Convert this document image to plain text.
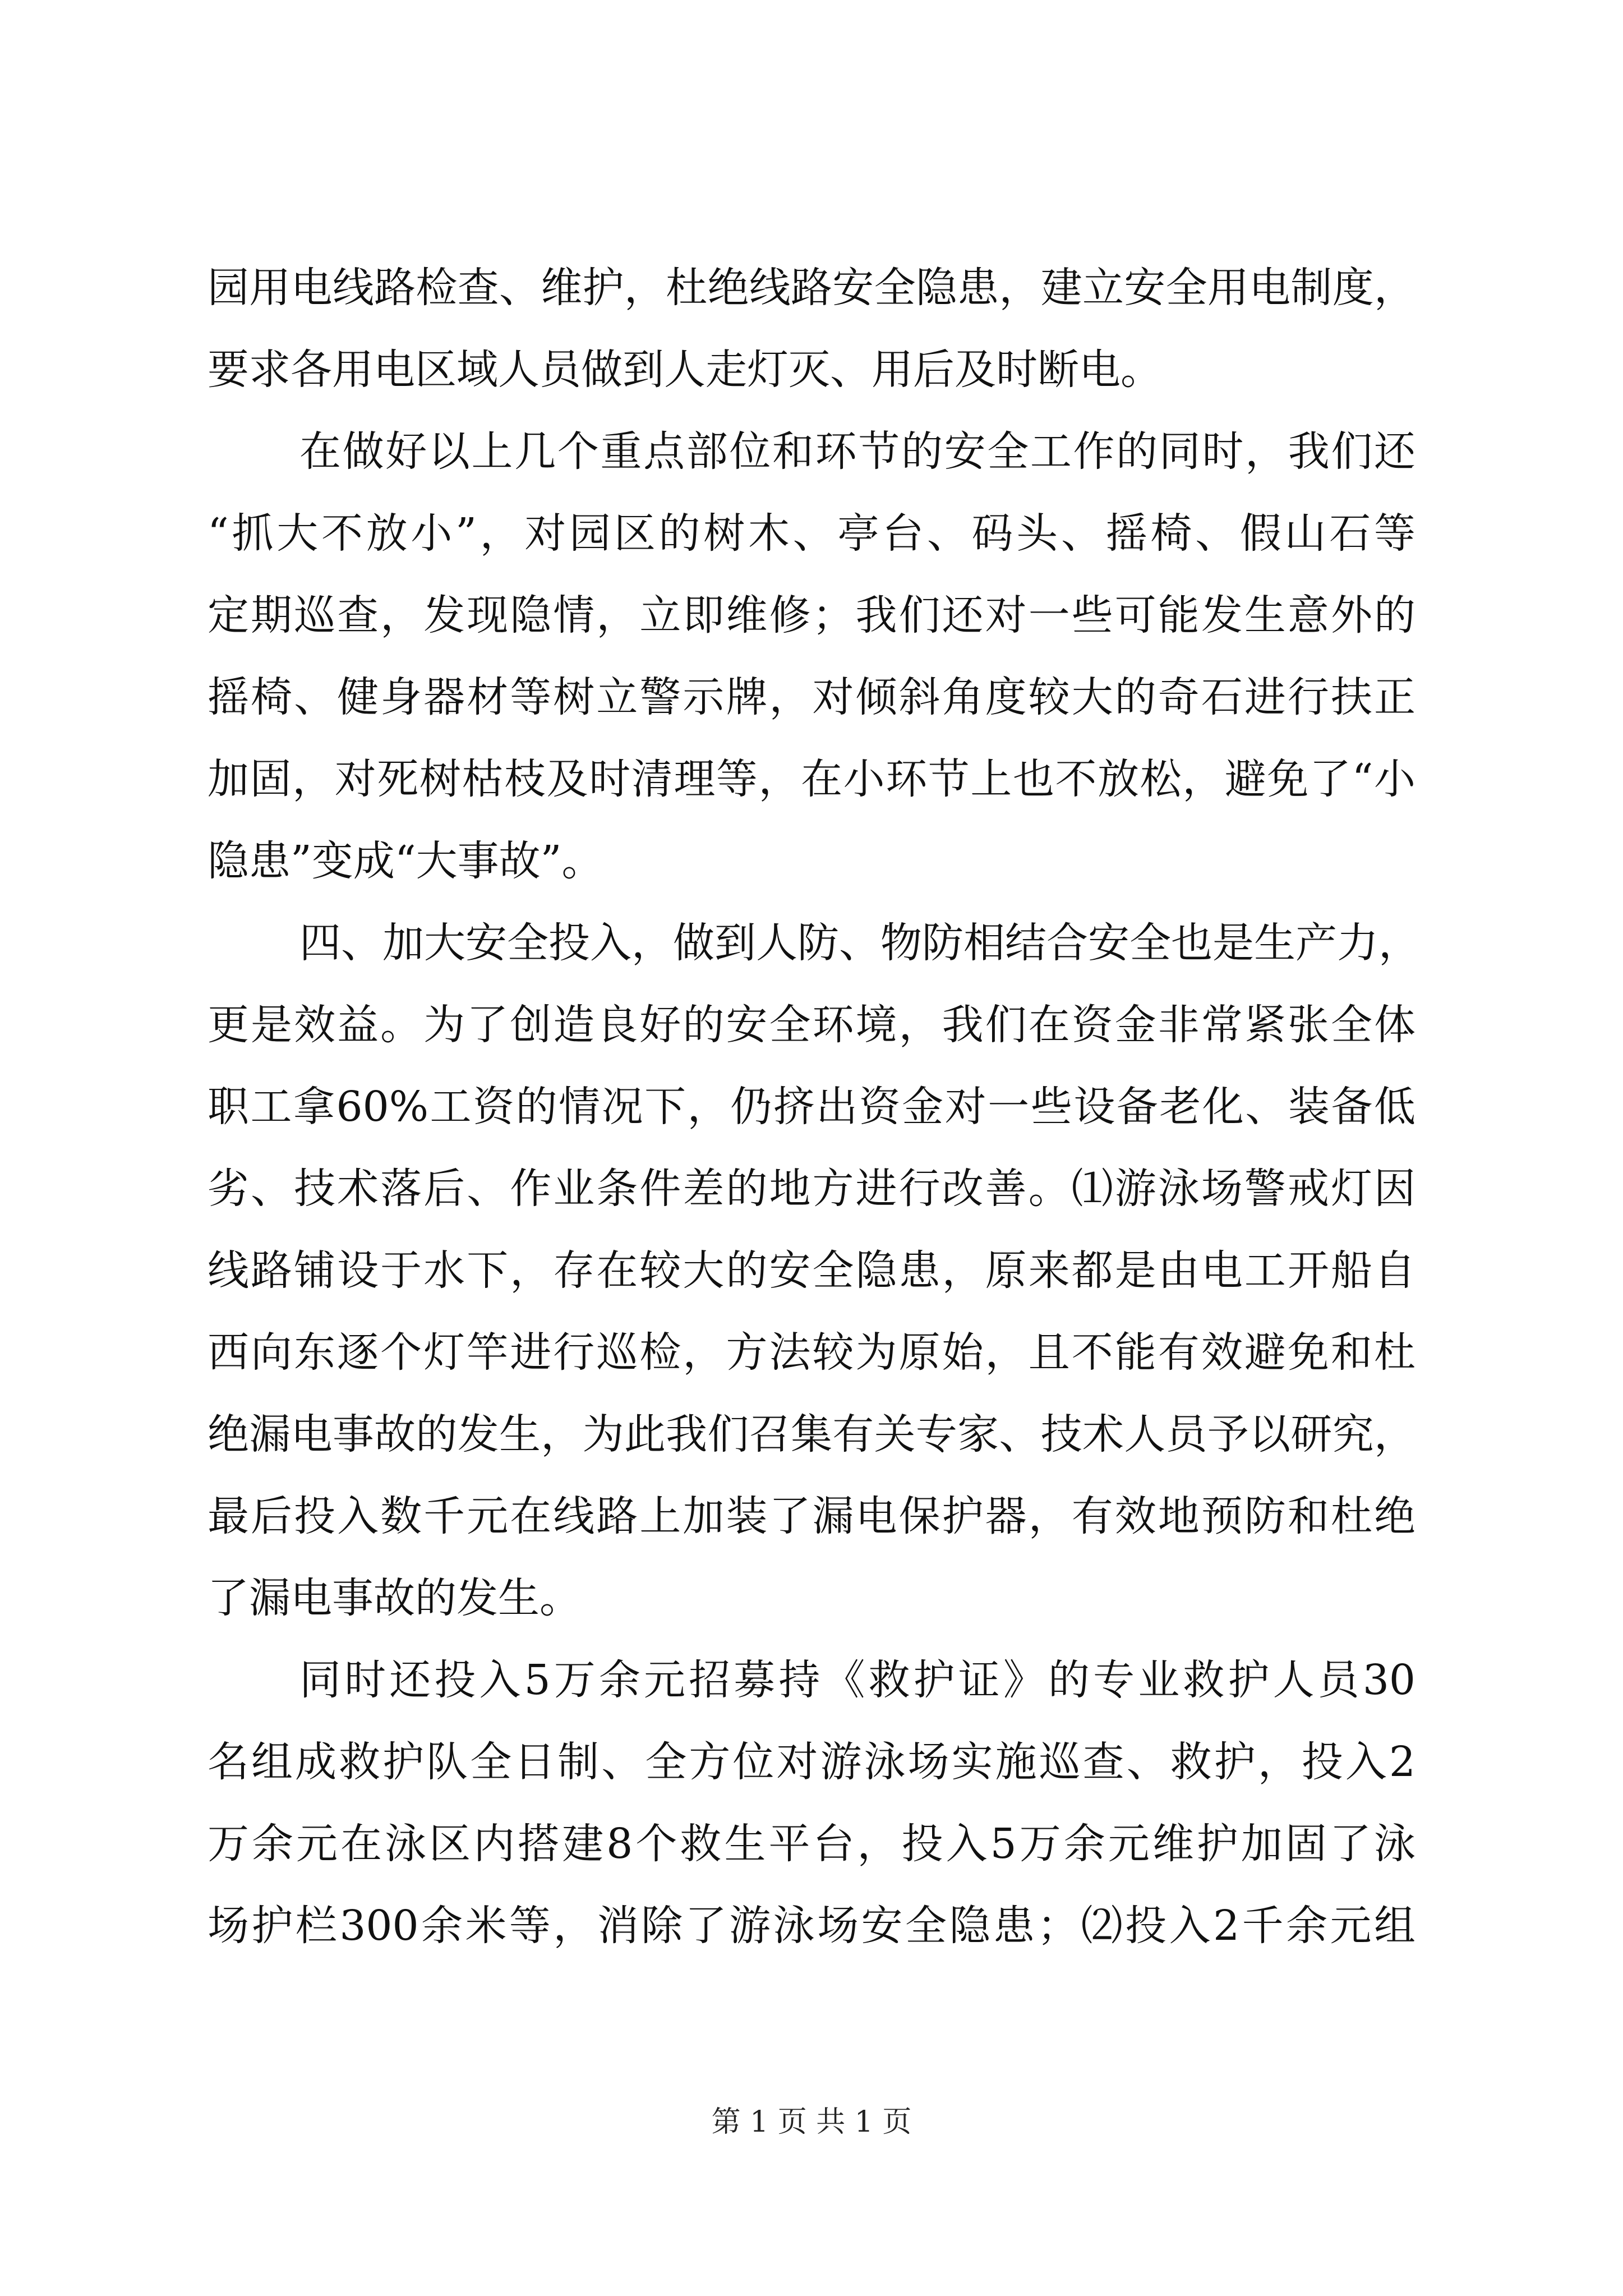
园用电线路检查、维护，杜绝线路安全隐患，建立安全用电制度，
要求各用电区域人员做到人走灯灭、用后及时断电。
在做好以上几个重点部位和环节的安全工作的同时，我们还
“抓大不放小”，对园区的树木、亭台、码头、摇椅、假山石等
定期巡查，发现隐情，立即维修；我们还对一些可能发生意外的
摇椅、健身器材等树立警示牌，对倾斜角度较大的奇石进行扶正
加固，对死树枯枝及时清理等，在小环节上也不放松，避免了“小
隐患”变成“大事故”。
四、加大安全投入，做到人防、物防相结合安全也是生产力，
更是效益。为了创造良好的安全环境，我们在资金非常紧张全体
职工拿60%工资的情况下，仍挤出资金对一些设备老化、装备低
劣、技术落后、作业条件差的地方进行改善。⑴游泳场警戒灯因
线路铺设于水下，存在较大的安全隐患，原来都是由电工开船自
西向东逐个灯竿进行巡检，方法较为原始，且不能有效避免和杜
绝漏电事故的发生，为此我们召集有关专家、技术人员予以研究，
最后投入数千元在线路上加装了漏电保护器，有效地预防和杜绝
了漏电事故的发生。
同时还投入5万余元招募持《救护证》的专业救护人员30
名组成救护队全日制、全方位对游泳场实施巡查、救护，投入2
万余元在泳区内搭建8个救生平台，投入5万余元维护加固了泳
场护栏300余米等，消除了游泳场安全隐患；⑵投入2千余元组
第 1 页 共 1 页
